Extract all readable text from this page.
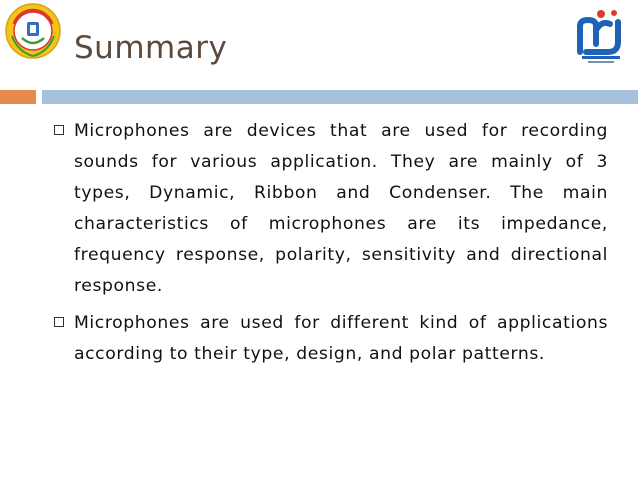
Summary
Microphones are devices that are used for recording sounds for various application. They are mainly of 3 types, Dynamic, Ribbon and Condenser. The main characteristics of microphones are its impedance, frequency response, polarity, sensitivity and directional response.
Microphones are used for different kind of applications according to their type, design, and polar patterns.
